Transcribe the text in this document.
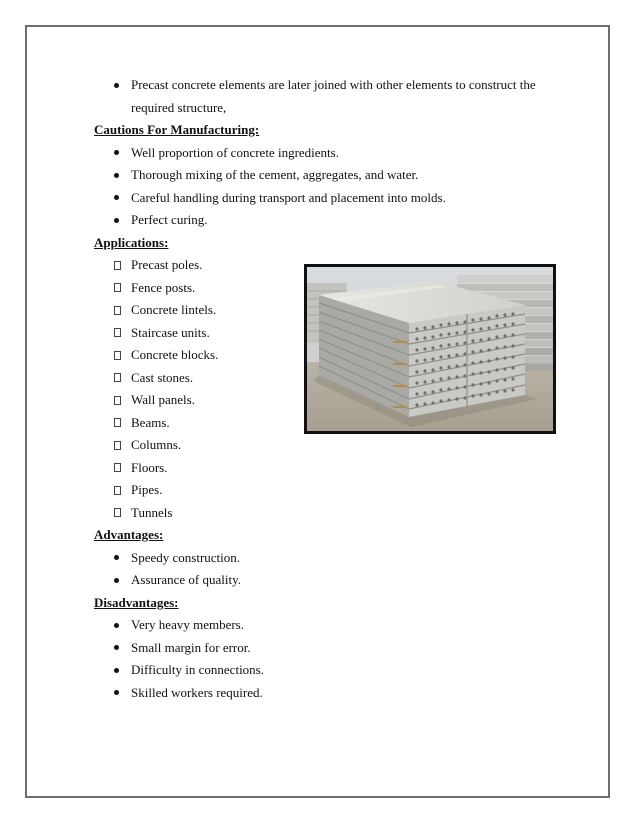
Precast concrete elements are later joined with other elements to construct the
required structure,
Cautions For Manufacturing:
Well proportion of concrete ingredients.
Thorough mixing of the cement, aggregates, and water.
Careful handling during transport and placement into molds.
Perfect curing.
Applications:
Precast poles.
Fence posts.
Concrete lintels.
Staircase units.
Concrete blocks.
Cast stones.
Wall panels.
Beams.
Columns.
Floors.
Pipes.
Tunnels
Advantages:
Speedy construction.
Assurance of quality.
Disadvantages:
Very heavy members.
Small margin for error.
Difficulty in connections.
Skilled workers required.
